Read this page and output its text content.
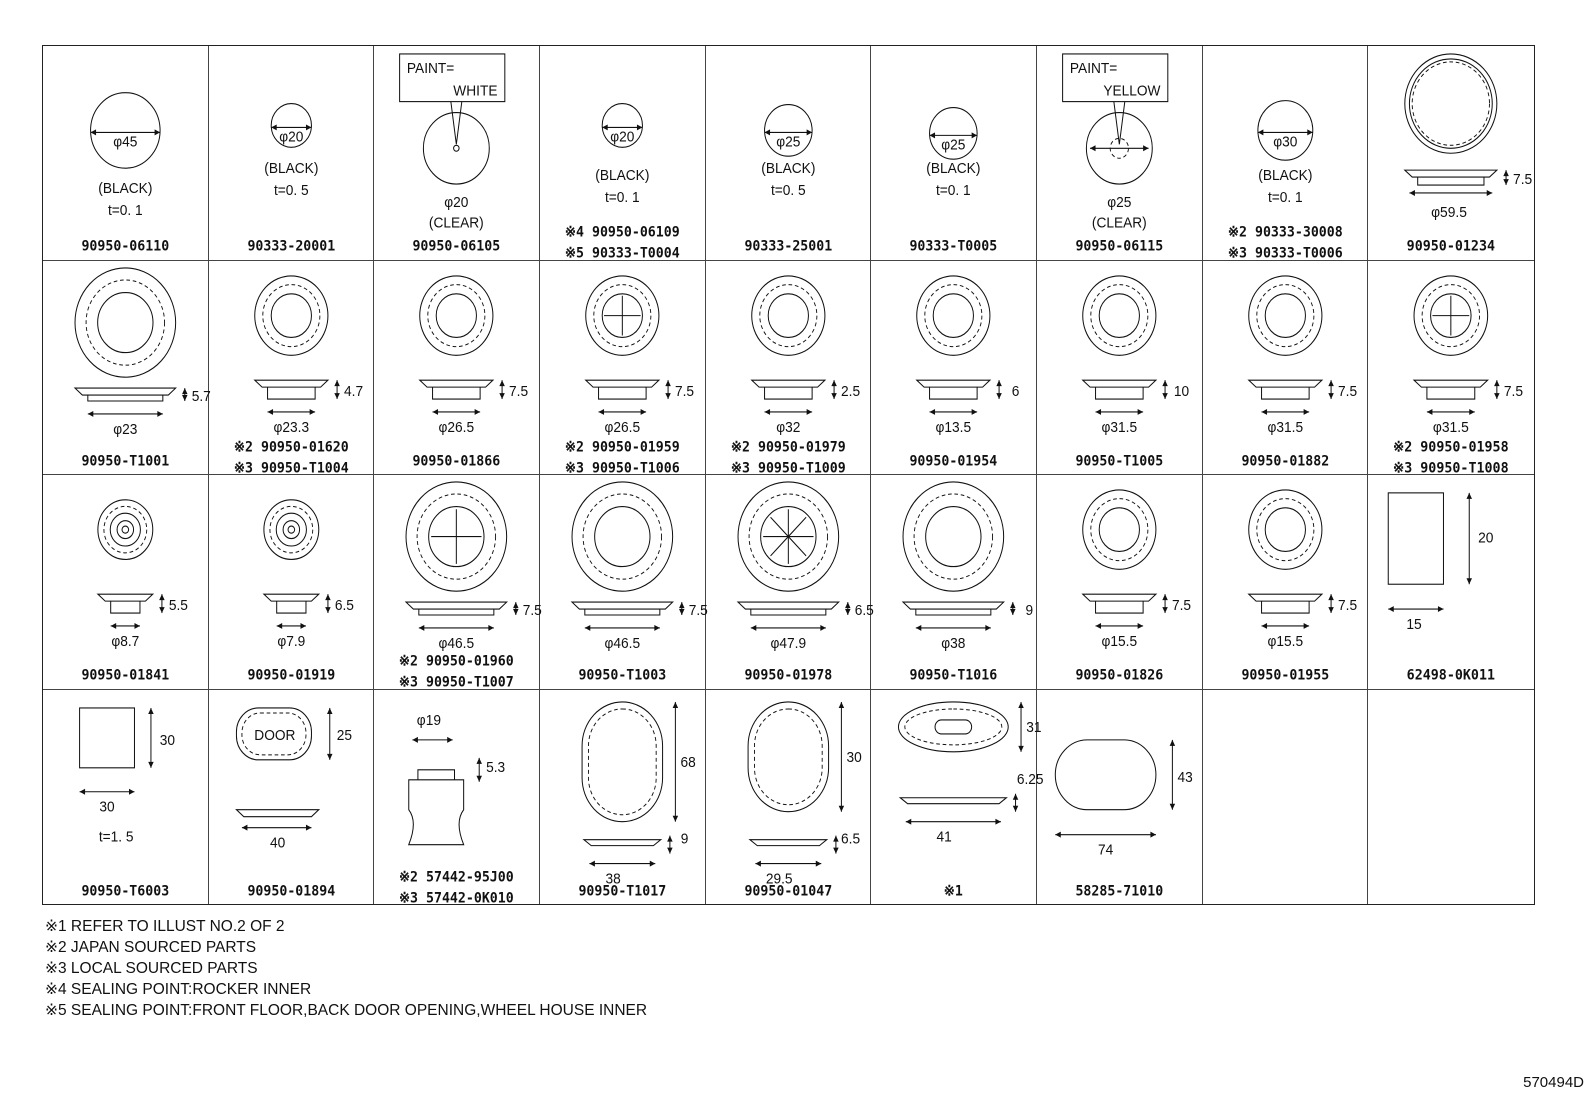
φ45
(BLACK)
t=0. 1
90950-06110
φ20
(BLACK)
t=0. 5
90333-20001
PAINT=
WHITE
φ20
(CLEAR)
90950-06105
φ20
(BLACK)
t=0. 1
※4 90950-06109
※5 90333-T0004
φ25
(BLACK)
t=0. 5
90333-25001
φ25
(BLACK)
t=0. 1
90333-T0005
PAINT=
YELLOW
φ25
(CLEAR)
90950-06115
φ30
(BLACK)
t=0. 1
※2 90333-30008
※3 90333-T0006
7.5
φ59.5
90950-01234
5.7
φ23
90950-T1001
4.7
φ23.3
※2 90950-01620
※3 90950-T1004
7.5
φ26.5
90950-01866
7.5
φ26.5
※2 90950-01959
※3 90950-T1006
2.5
φ32
※2 90950-01979
※3 90950-T1009
6
φ13.5
90950-01954
10
φ31.5
90950-T1005
7.5
φ31.5
90950-01882
7.5
φ31.5
※2 90950-01958
※3 90950-T1008
5.5
φ8.7
90950-01841
6.5
φ7.9
90950-01919
7.5
φ46.5
※2 90950-01960
※3 90950-T1007
7.5
φ46.5
90950-T1003
6.5
φ47.9
90950-01978
9
φ38
90950-T1016
7.5
φ15.5
90950-01826
7.5
φ15.5
90950-01955
20
15
62498-0K011
30
30
t=1. 5
90950-T6003
DOOR	25
40
90950-01894
φ19
5.3
※2 57442-95J00
※3 57442-0K010
68
9
38
90950-T1017
30
6.5
29.5
90950-01047
31
6.25
41
※1
43
74
58285-71010
※1 REFER TO ILLUST NO.2 OF 2
※2 JAPAN SOURCED PARTS
※3 LOCAL SOURCED PARTS
※4 SEALING POINT:ROCKER INNER
※5 SEALING POINT:FRONT FLOOR,BACK DOOR OPENING,WHEEL HOUSE INNER
570494D
